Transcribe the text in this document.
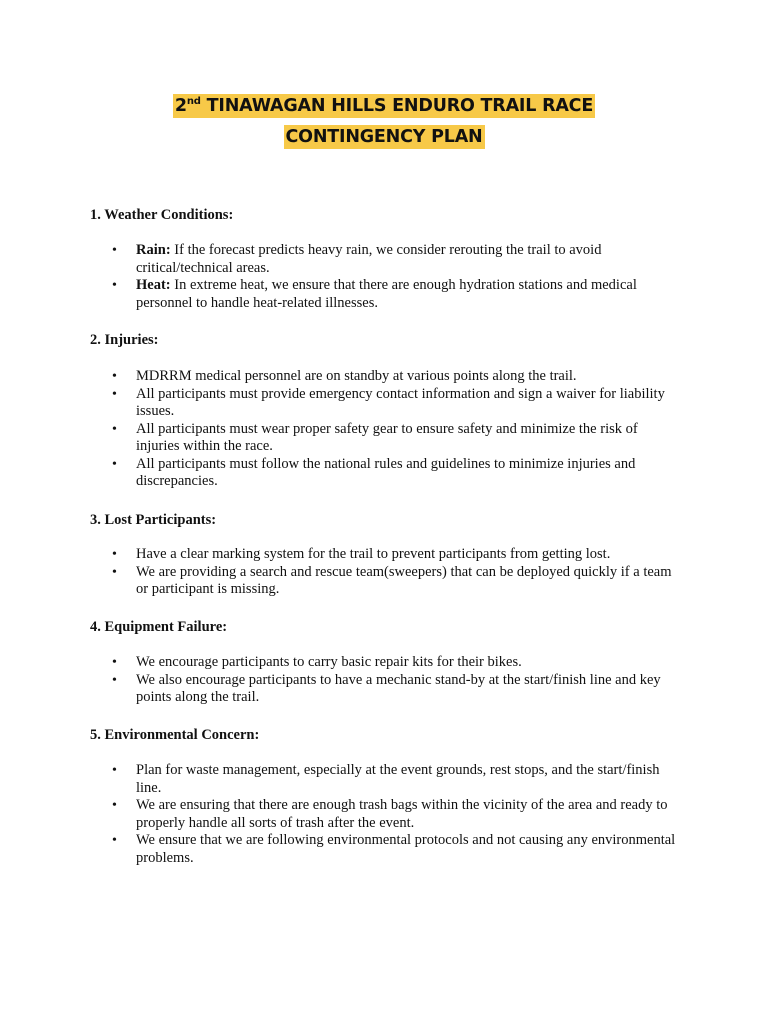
2nd TINAWAGAN HILLS ENDURO TRAIL RACE
CONTINGENCY PLAN
1. Weather Conditions:
• Rain: If the forecast predicts heavy rain, we consider rerouting the trail to avoid critical/technical areas.
• Heat: In extreme heat, we ensure that there are enough hydration stations and medical personnel to handle heat-related illnesses.
2. Injuries:
• MDRRM medical personnel are on standby at various points along the trail.
• All participants must provide emergency contact information and sign a waiver for liability issues.
• All participants must wear proper safety gear to ensure safety and minimize the risk of injuries within the race.
• All participants must follow the national rules and guidelines to minimize injuries and discrepancies.
3. Lost Participants:
• Have a clear marking system for the trail to prevent participants from getting lost.
• We are providing a search and rescue team(sweepers) that can be deployed quickly if a team or participant is missing.
4. Equipment Failure:
• We encourage participants to carry basic repair kits for their bikes.
• We also encourage participants to have a mechanic stand-by at the start/finish line and key points along the trail.
5. Environmental Concern:
• Plan for waste management, especially at the event grounds, rest stops, and the start/finish line.
• We are ensuring that there are enough trash bags within the vicinity of the area and ready to properly handle all sorts of trash after the event.
• We ensure that we are following environmental protocols and not causing any environmental problems.
